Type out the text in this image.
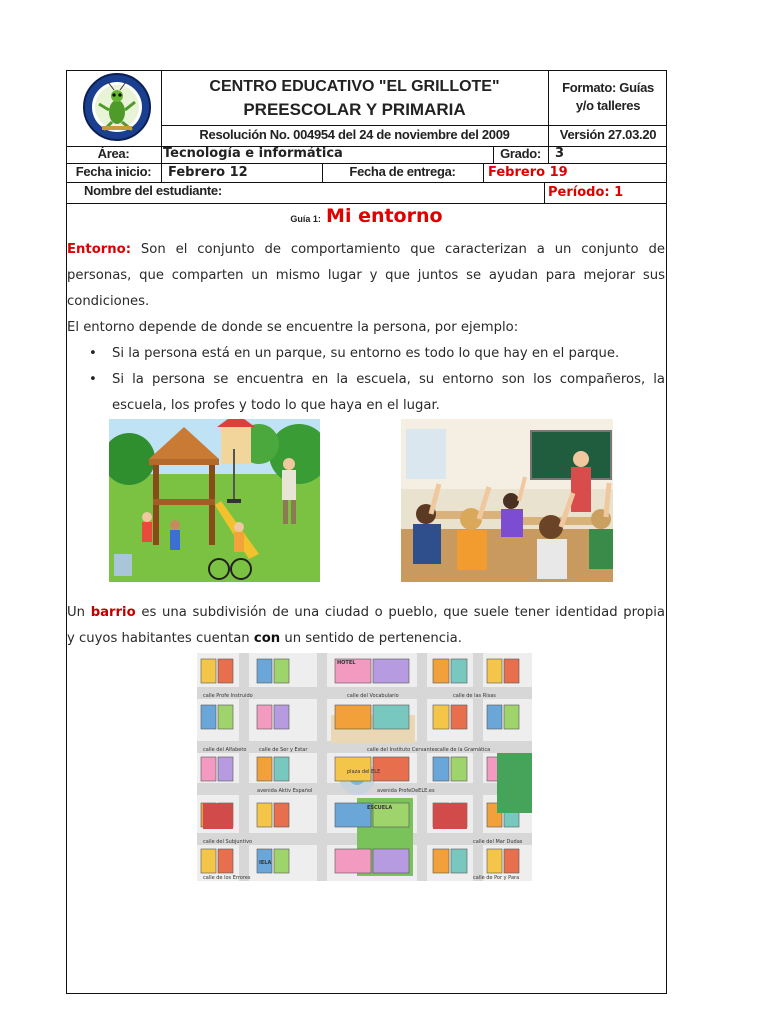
CENTRO EDUCATIVO "EL GRILLOTE"
PREESCOLAR Y PRIMARIA
Resolución No. 004954 del 24 de noviembre del 2009
Formato: Guías
y/o talleres
Versión 27.03.20
Área:	Tecnología e informática	Grado:	3
Fecha inicio:	Febrero 12	Fecha de entrega:	Febrero 19
Nombre del estudiante:	Período: 1
Guía 1: Mi entorno
Entorno: Son el conjunto de comportamiento que caracterizan a un conjunto de
personas, que comparten un mismo lugar y que juntos se ayudan para mejorar sus
condiciones.
El entorno depende de donde se encuentre la persona, por ejemplo:
• Si la persona está en un parque, su entorno es todo lo que hay en el parque.
• Si la persona se encuentra en la escuela, su entorno son los compañeros, la
escuela, los profes y todo lo que haya en el lugar.
Un barrio es una subdivisión de una ciudad o pueblo, que suele tener identidad propia
y cuyos habitantes cuentan con un sentido de pertenencia.
calle Profe Instruido	calle del Vocabulario	calle de las Risas
calle de Ser y Estar	calle del Instituto Cervantes
avenida Aktiv Español	avenida ProfeDeELE.es
plaza del ELE
calle del Subjuntivo	calle del Mar Dudas
calle de los Errores	calle de Por y Para
calle de la Gramática
calle del Alfabeto
IELA
HOTEL
ESCUELA
